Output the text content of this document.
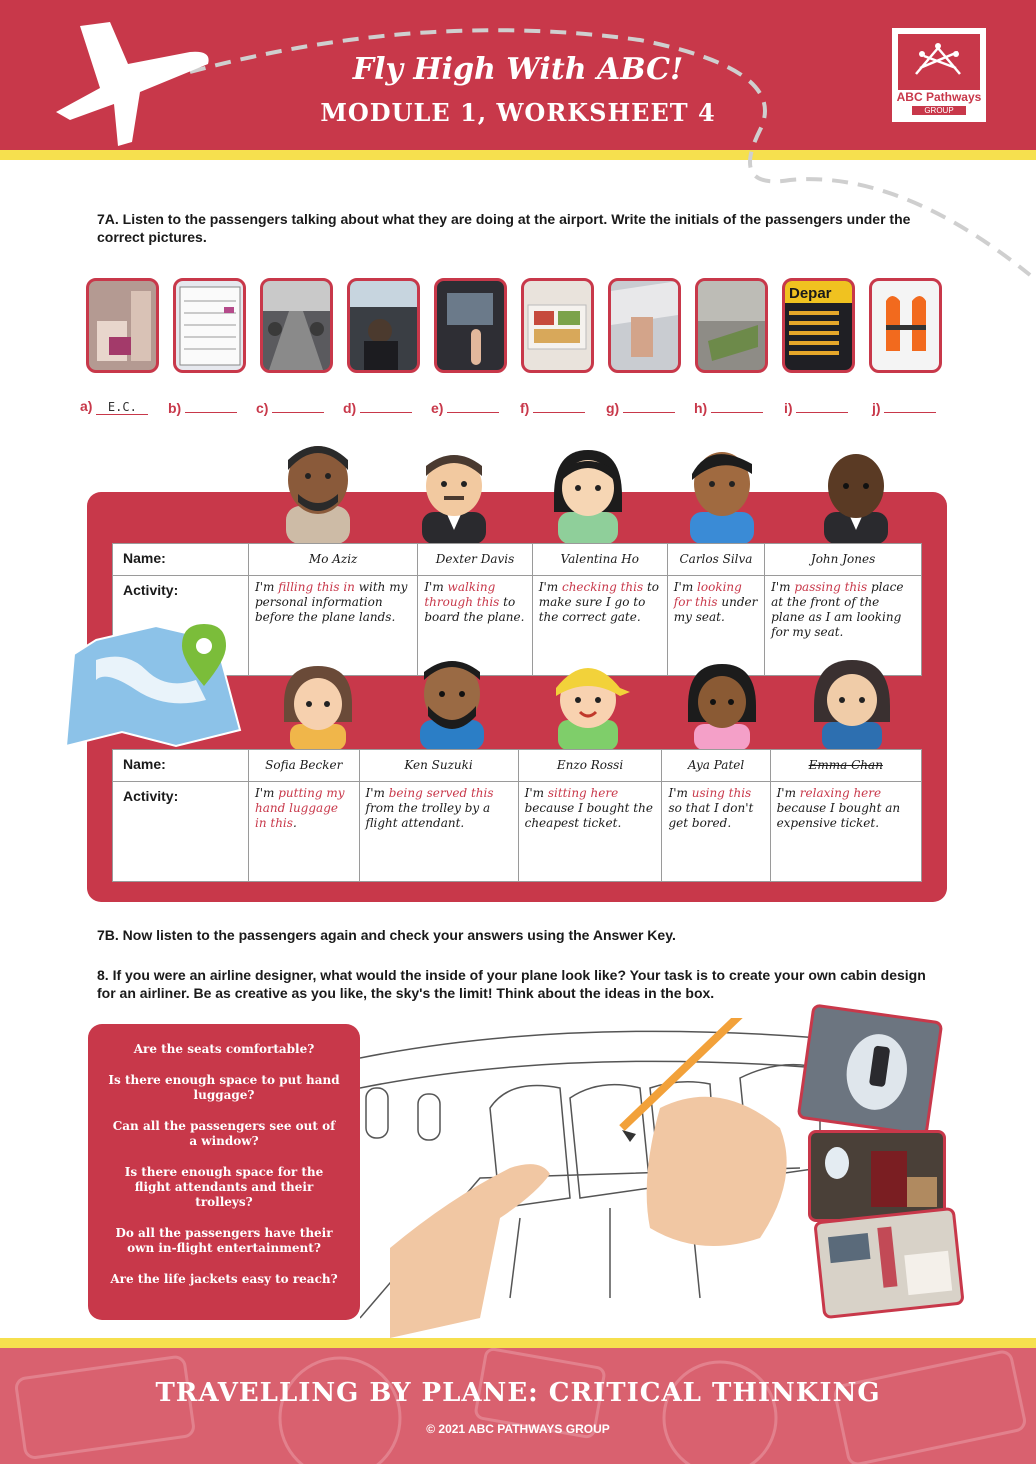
Fly High With ABC!
MODULE 1, WORKSHEET 4
ABC Pathways
GROUP
7A. Listen to the passengers talking about what they are doing at the airport. Write the initials of the passengers under the correct pictures.
Depar
a) E.C.	b)	c)	d)	e)	f)	g)	h)	i)	j)
Name:	Mo Aziz	Dexter Davis	Valentina Ho	Carlos Silva	John Jones
Activity:	I'm filling this in with my personal information before the plane lands.	I'm walking through this to board the plane.	I'm checking this to make sure I go to the correct gate.	I'm looking for this under my seat.	I'm passing this place at the front of the plane as I am looking for my seat.
Name:	Sofia Becker	Ken Suzuki	Enzo Rossi	Aya Patel	Emma Chan
Activity:	I'm putting my hand luggage in this.	I'm being served this from the trolley by a flight attendant.	I'm sitting here because I bought the cheapest ticket.	I'm using this so that I don't get bored.	I'm relaxing here because I bought an expensive ticket.
7B. Now listen to the passengers again and check your answers using the Answer Key.
8. If you were an airline designer, what would the inside of your plane look like? Your task is to create your own cabin design for an airliner. Be as creative as you like, the sky's the limit! Think about the ideas in the box.
Are the seats comfortable?
Is there enough space to put hand luggage?
Can all the passengers see out of a window?
Is there enough space for the flight attendants and their trolleys?
Do all the passengers have their own in-flight entertainment?
Are the life jackets easy to reach?
TRAVELLING BY PLANE: CRITICAL THINKING
© 2021 ABC PATHWAYS GROUP
